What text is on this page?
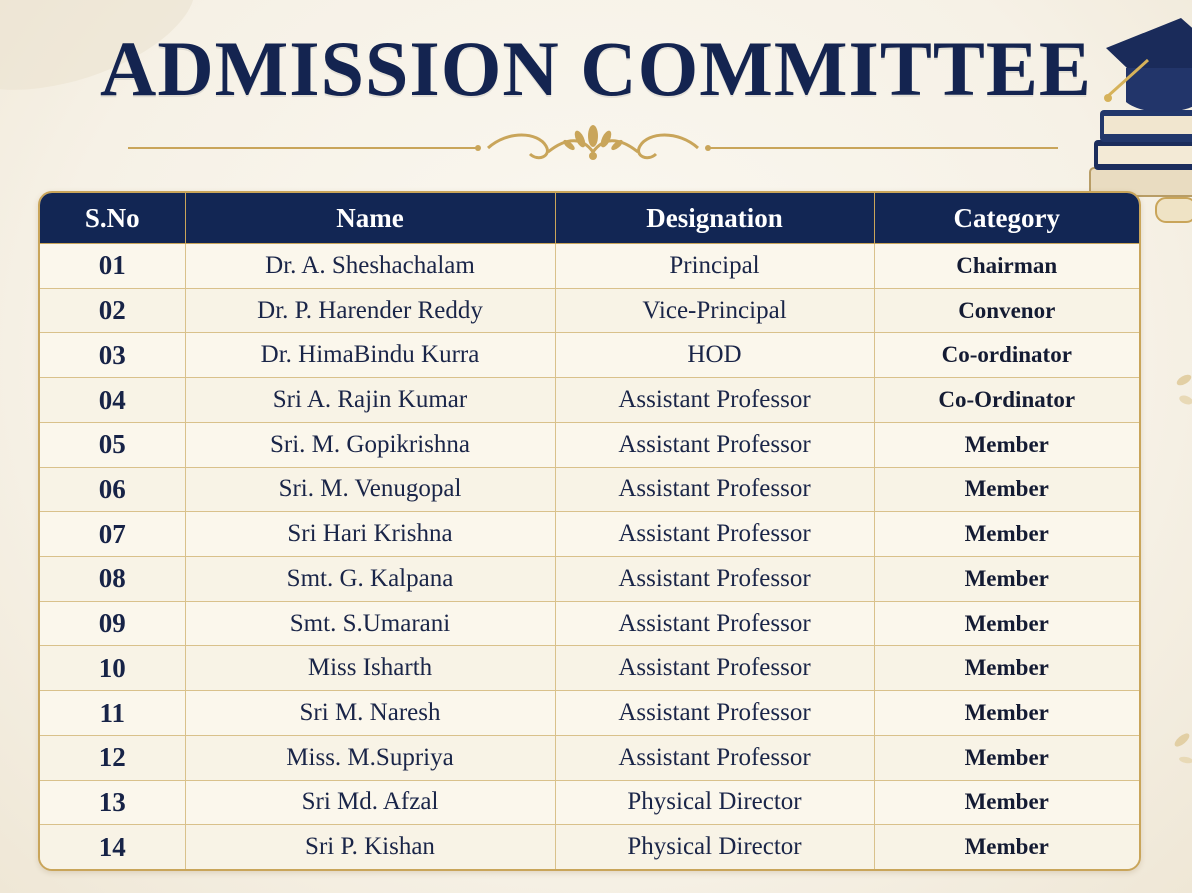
ADMISSION COMMITTEE
S.No	Name	Designation	Category
01	Dr. A. Sheshachalam	Principal	Chairman
02	Dr. P. Harender Reddy	Vice-Principal	Convenor
03	Dr. HimaBindu Kurra	HOD	Co-ordinator
04	Sri A. Rajin Kumar	Assistant Professor	Co-Ordinator
05	Sri. M. Gopikrishna	Assistant Professor	Member
06	Sri. M. Venugopal	Assistant Professor	Member
07	Sri Hari Krishna	Assistant Professor	Member
08	Smt. G. Kalpana	Assistant Professor	Member
09	Smt. S.Umarani	Assistant Professor	Member
10	Miss Isharth	Assistant Professor	Member
11	Sri M. Naresh	Assistant Professor	Member
12	Miss. M.Supriya	Assistant Professor	Member
13	Sri Md. Afzal	Physical Director	Member
14	Sri P. Kishan	Physical Director	Member
